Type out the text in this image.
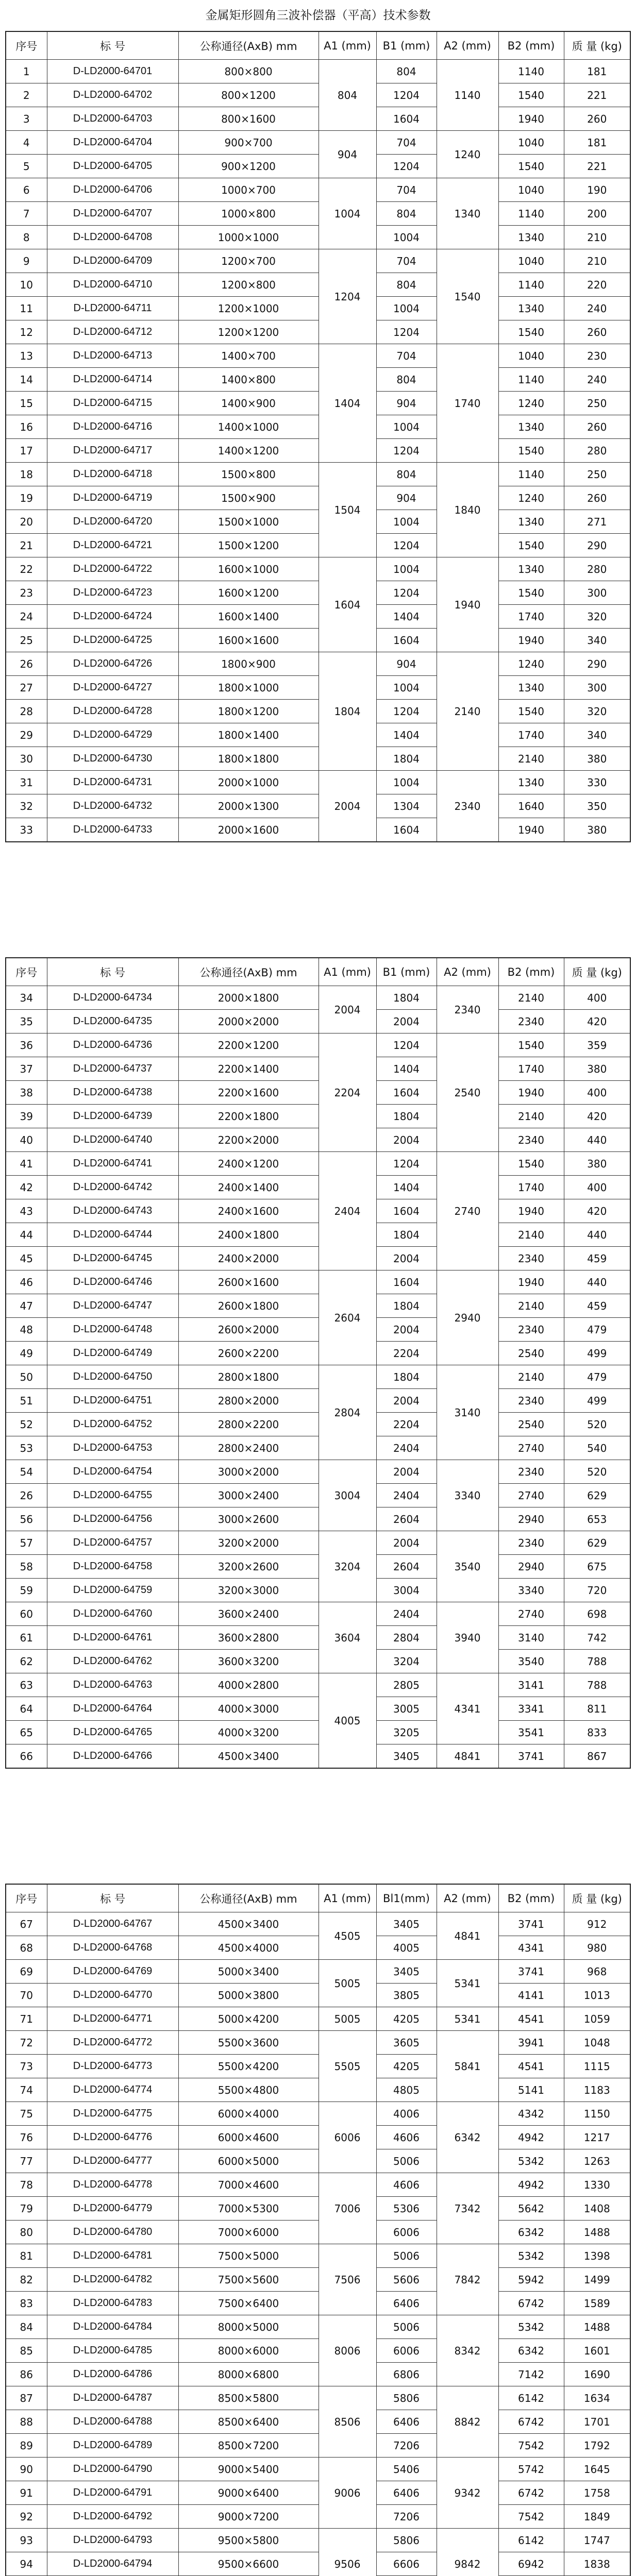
金属矩形圆角三波补偿器（平高）技术参数
序号	标 号	公称通径(AxB) mm	A1 (mm)	B1 (mm)	A2 (mm)	B2 (mm)	质 量 (kg)
1	D-LD2000-64701	800×800	804	804	1140	1140	181
2	D-LD2000-64702	800×1200		1204		1540	221
3	D-LD2000-64703	800×1600		1604		1940	260
4	D-LD2000-64704	900×700	904	704	1240	1040	181
5	D-LD2000-64705	900×1200		1204		1540	221
6	D-LD2000-64706	1000×700	1004	704	1340	1040	190
7	D-LD2000-64707	1000×800		804		1140	200
8	D-LD2000-64708	1000×1000		1004		1340	210
9	D-LD2000-64709	1200×700	1204	704	1540	1040	210
10	D-LD2000-64710	1200×800		804		1140	220
11	D-LD2000-64711	1200×1000		1004		1340	240
12	D-LD2000-64712	1200×1200		1204		1540	260
13	D-LD2000-64713	1400×700	1404	704	1740	1040	230
14	D-LD2000-64714	1400×800		804		1140	240
15	D-LD2000-64715	1400×900		904		1240	250
16	D-LD2000-64716	1400×1000		1004		1340	260
17	D-LD2000-64717	1400×1200		1204		1540	280
18	D-LD2000-64718	1500×800	1504	804	1840	1140	250
19	D-LD2000-64719	1500×900		904		1240	260
20	D-LD2000-64720	1500×1000		1004		1340	271
21	D-LD2000-64721	1500×1200		1204		1540	290
22	D-LD2000-64722	1600×1000	1604	1004	1940	1340	280
23	D-LD2000-64723	1600×1200		1204		1540	300
24	D-LD2000-64724	1600×1400		1404		1740	320
25	D-LD2000-64725	1600×1600		1604		1940	340
26	D-LD2000-64726	1800×900	1804	904	2140	1240	290
27	D-LD2000-64727	1800×1000		1004		1340	300
28	D-LD2000-64728	1800×1200		1204		1540	320
29	D-LD2000-64729	1800×1400		1404		1740	340
30	D-LD2000-64730	1800×1800		1804		2140	380
31	D-LD2000-64731	2000×1000	2004	1004	2340	1340	330
32	D-LD2000-64732	2000×1300		1304		1640	350
33	D-LD2000-64733	2000×1600		1604		1940	380
序号	标 号	公称通径(AxB) mm	A1 (mm)	B1 (mm)	A2 (mm)	B2 (mm)	质 量 (kg)
34	D-LD2000-64734	2000×1800	2004	1804	2340	2140	400
35	D-LD2000-64735	2000×2000		2004		2340	420
36	D-LD2000-64736	2200×1200	2204	1204	2540	1540	359
37	D-LD2000-64737	2200×1400		1404		1740	380
38	D-LD2000-64738	2200×1600		1604		1940	400
39	D-LD2000-64739	2200×1800		1804		2140	420
40	D-LD2000-64740	2200×2000		2004		2340	440
41	D-LD2000-64741	2400×1200	2404	1204	2740	1540	380
42	D-LD2000-64742	2400×1400		1404		1740	400
43	D-LD2000-64743	2400×1600		1604		1940	420
44	D-LD2000-64744	2400×1800		1804		2140	440
45	D-LD2000-64745	2400×2000		2004		2340	459
46	D-LD2000-64746	2600×1600	2604	1604	2940	1940	440
47	D-LD2000-64747	2600×1800		1804		2140	459
48	D-LD2000-64748	2600×2000		2004		2340	479
49	D-LD2000-64749	2600×2200		2204		2540	499
50	D-LD2000-64750	2800×1800	2804	1804	3140	2140	479
51	D-LD2000-64751	2800×2000		2004		2340	499
52	D-LD2000-64752	2800×2200		2204		2540	520
53	D-LD2000-64753	2800×2400		2404		2740	540
54	D-LD2000-64754	3000×2000	3004	2004	3340	2340	520
26	D-LD2000-64755	3000×2400		2404		2740	629
56	D-LD2000-64756	3000×2600		2604		2940	653
57	D-LD2000-64757	3200×2000	3204	2004	3540	2340	629
58	D-LD2000-64758	3200×2600		2604		2940	675
59	D-LD2000-64759	3200×3000		3004		3340	720
60	D-LD2000-64760	3600×2400	3604	2404	3940	2740	698
61	D-LD2000-64761	3600×2800		2804		3140	742
62	D-LD2000-64762	3600×3200		3204		3540	788
63	D-LD2000-64763	4000×2800	4005	2805	4341	3141	788
64	D-LD2000-64764	4000×3000		3005		3341	811
65	D-LD2000-64765	4000×3200		3205		3541	833
66	D-LD2000-64766	4500×3400		3405	4841	3741	867
序号	标 号	公称通径(AxB) mm	A1 (mm)	Bl1(mm)	A2 (mm)	B2 (mm)	质 量 (kg)
67	D-LD2000-64767	4500×3400	4505	3405	4841	3741	912
68	D-LD2000-64768	4500×4000		4005		4341	980
69	D-LD2000-64769	5000×3400	5005	3405	5341	3741	968
70	D-LD2000-64770	5000×3800		3805		4141	1013
71	D-LD2000-64771	5000×4200	5005	4205	5341	4541	1059
72	D-LD2000-64772	5500×3600	5505	3605	5841	3941	1048
73	D-LD2000-64773	5500×4200		4205		4541	1115
74	D-LD2000-64774	5500×4800		4805		5141	1183
75	D-LD2000-64775	6000×4000	6006	4006	6342	4342	1150
76	D-LD2000-64776	6000×4600		4606		4942	1217
77	D-LD2000-64777	6000×5000		5006		5342	1263
78	D-LD2000-64778	7000×4600	7006	4606	7342	4942	1330
79	D-LD2000-64779	7000×5300		5306		5642	1408
80	D-LD2000-64780	7000×6000		6006		6342	1488
81	D-LD2000-64781	7500×5000	7506	5006	7842	5342	1398
82	D-LD2000-64782	7500×5600		5606		5942	1499
83	D-LD2000-64783	7500×6400		6406		6742	1589
84	D-LD2000-64784	8000×5000	8006	5006	8342	5342	1488
85	D-LD2000-64785	8000×6000		6006		6342	1601
86	D-LD2000-64786	8000×6800		6806		7142	1690
87	D-LD2000-64787	8500×5800	8506	5806	8842	6142	1634
88	D-LD2000-64788	8500×6400		6406		6742	1701
89	D-LD2000-64789	8500×7200		7206		7542	1792
90	D-LD2000-64790	9000×5400	9006	5406	9342	5742	1645
91	D-LD2000-64791	9000×6400		6406		6742	1758
92	D-LD2000-64792	9000×7200		7206		7542	1849
93	D-LD2000-64793	9500×5800	9506	5806	9842	6142	1747
94	D-LD2000-64794	9500×6600		6606		6942	1838
